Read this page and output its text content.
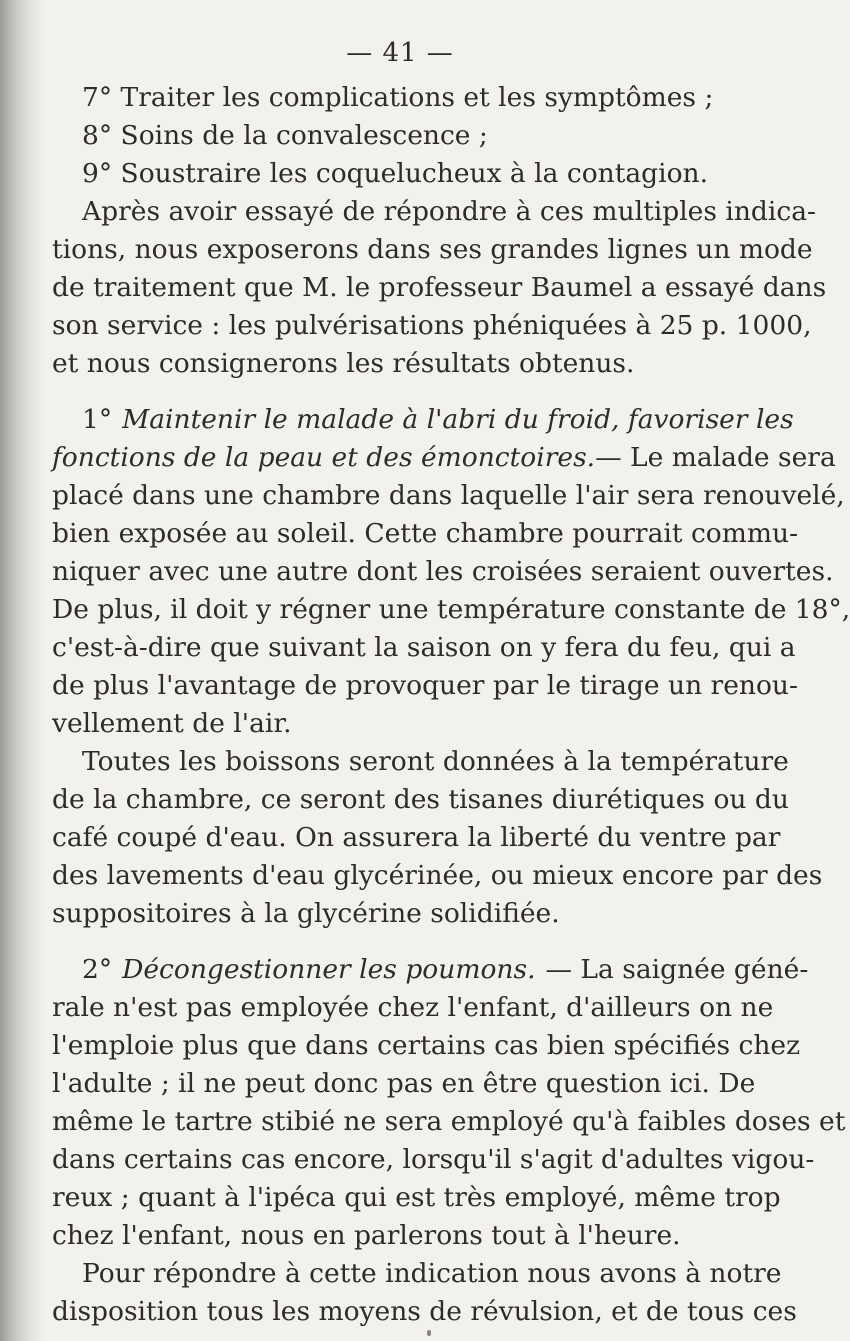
— 41 —

7° Traiter les complications et les symptômes ;

8° Soins de la convalescence ;

9° Soustraire les coquelucheux à la contagion.

Après avoir essayé de répondre à ces multiples indica-

tions, nous exposerons dans ses grandes lignes un mode

de traitement que M. le professeur Baumel a essayé dans

son service : les pulvérisations phéniquées à 25 p. 1000,

et nous consignerons les résultats obtenus.

1° Maintenir le malade à l'abri du froid, favoriser les

fonctions de la peau et des émonctoires. — Le malade sera

placé dans une chambre dans laquelle l'air sera renouvelé,

bien exposée au soleil. Cette chambre pourrait commu-

niquer avec une autre dont les croisées seraient ouvertes.

De plus, il doit y régner une température constante de 18°,

c'est-à-dire que suivant la saison on y fera du feu, qui a

de plus l'avantage de provoquer par le tirage un renou-

vellement de l'air.

Toutes les boissons seront données à la température

de la chambre, ce seront des tisanes diurétiques ou du

café coupé d'eau. On assurera la liberté du ventre par

des lavements d'eau glycérinée, ou mieux encore par des

suppositoires à la glycérine solidifiée.

2° Décongestionner les poumons. — La saignée géné-

rale n'est pas employée chez l'enfant, d'ailleurs on ne

l'emploie plus que dans certains cas bien spécifiés chez

l'adulte ; il ne peut donc pas en être question ici. De

même le tartre stibié ne sera employé qu'à faibles doses et

dans certains cas encore, lorsqu'il s'agit d'adultes vigou-

reux ; quant à l'ipéca qui est très employé, même trop

chez l'enfant, nous en parlerons tout à l'heure.

Pour répondre à cette indication nous avons à notre

disposition tous les moyens de révulsion, et de tous ces
